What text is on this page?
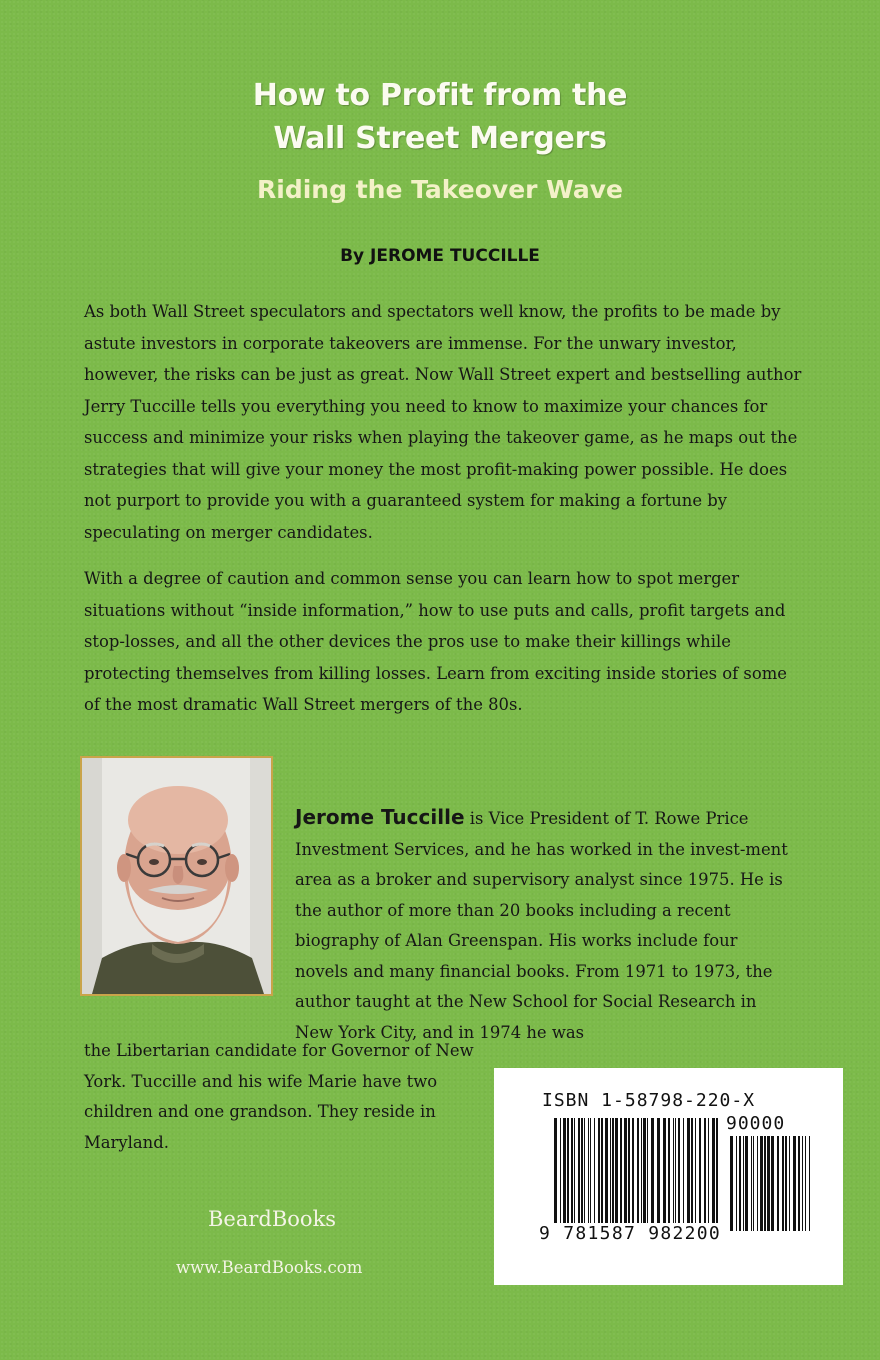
How to Profit from the
Wall Street Mergers
Riding the Takeover Wave
By JEROME TUCCILLE

As both Wall Street speculators and spectators well know, the profits to be made by astute investors in corporate takeovers are immense. For the unwary investor, however, the risks can be just as great. Now Wall Street expert and bestselling author Jerry Tuccille tells you everything you need to know to maximize your chances for success and minimize your risks when playing the takeover game, as he maps out the strategies that will give your money the most profit-making power possible. He does not purport to provide you with a guaranteed system for making a fortune by speculating on merger candidates.

With a degree of caution and common sense you can learn how to spot merger situations without “inside information,” how to use puts and calls, profit targets and stop-losses, and all the other devices the pros use to make their killings while protecting themselves from killing losses. Learn from exciting inside stories of some of the most dramatic Wall Street mergers of the 80s.

Jerome Tuccille is Vice President of T. Rowe Price Investment Services, and he has worked in the invest-ment area as a broker and supervisory analyst since 1975. He is the author of more than 20 books including a recent biography of Alan Greenspan. His works include four novels and many financial books. From 1971 to 1973, the author taught at the New School for Social Research in New York City, and in 1974 he was

the Libertarian candidate for Governor of New York. Tuccille and his wife Marie have two children and one grandson. They reside in Maryland.

ISBN 1-58798-220-X
90000
9 781587 982200
BeardBooks
www.BeardBooks.com
